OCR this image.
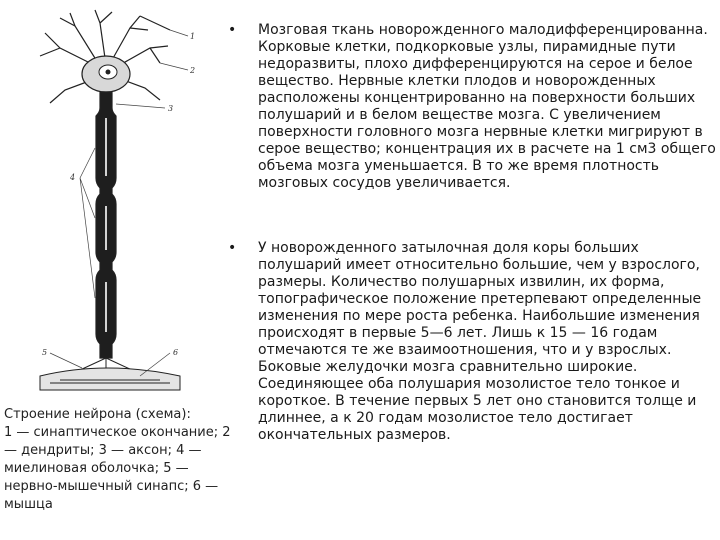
1
2
3
4
5	6
Строение нейрона (схема):
1 — синаптическое окончание; 2 — дендриты; 3 — аксон; 4 — миелиновая оболочка; 5 — нервно-мышечный синапс; 6 — мышца
• Мозговая ткань новорожденного малодифференцированна. Корковые клетки, подкорковые узлы, пирамидные пути недоразвиты, плохо дифференцируются на серое и белое вещество. Нервные клетки плодов и новорожденных расположены концентрированно на поверхности больших полушарий и в белом веществе мозга. С увеличением поверхности головного мозга нервные клетки мигрируют в серое вещество; концентрация их в расчете на 1 см3 общего объема мозга уменьшается. В то же время плотность мозговых сосудов увеличивается.
• У новорожденного затылочная доля коры больших полушарий имеет относительно большие, чем у взрослого, размеры. Количество полушарных извилин, их форма, топографическое положение претерпевают определенные изменения по мере роста ребенка. Наибольшие изменения происходят в первые 5—6 лет. Лишь к 15 — 16 годам отмечаются те же взаимоотношения, что и у взрослых. Боковые желудочки мозга сравнительно широкие. Соединяющее оба полушария мозолистое тело тонкое и короткое. В течение первых 5 лет оно становится толще и длиннее, а к 20 годам мозолистое тело достигает окончательных размеров.
